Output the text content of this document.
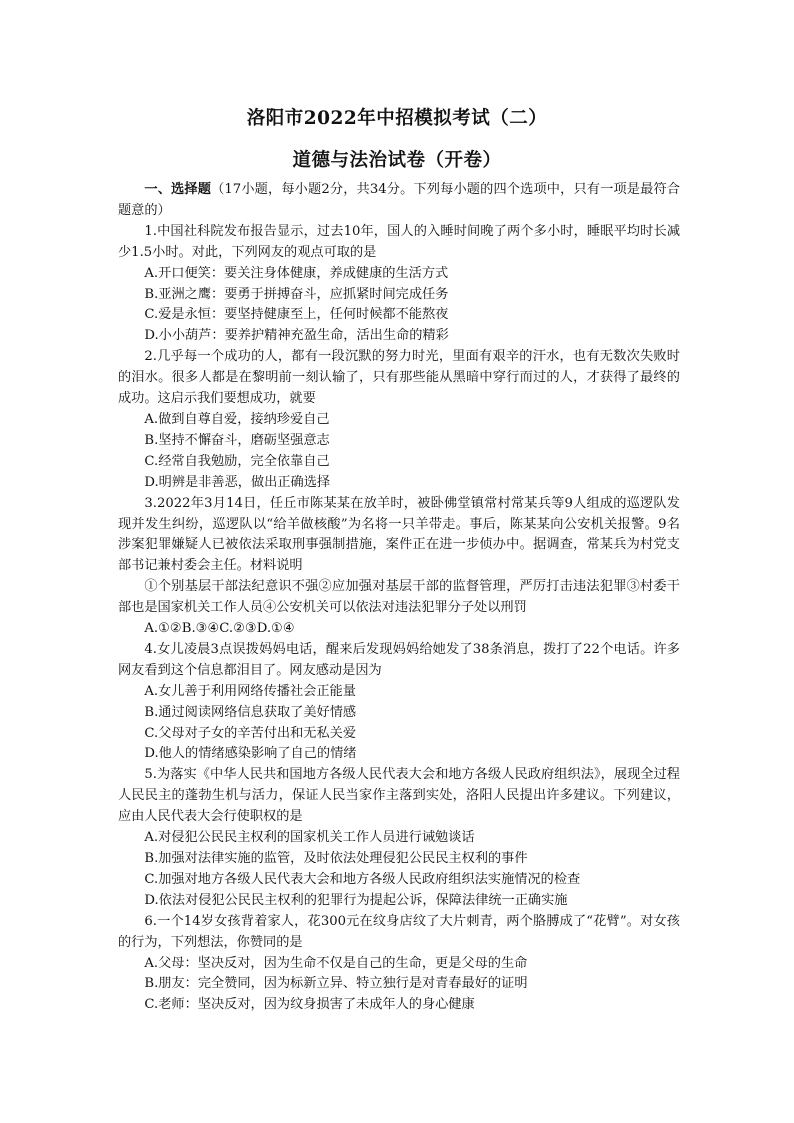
洛阳市2022年中招模拟考试（二）
道德与法治试卷（开卷）

一、选择题（17小题，每小题2分，共34分。下列每小题的四个选项中，只有一项是最符合题意的）

1.中国社科院发布报告显示，过去10年，国人的入睡时间晚了两个多小时，睡眠平均时长减少1.5小时。对此，下列网友的观点可取的是

A.开口便笑：要关注身体健康，养成健康的生活方式

B.亚洲之鹰：要勇于拼搏奋斗，应抓紧时间完成任务

C.爱是永恒：要坚持健康至上，任何时候都不能熬夜

D.小小葫芦：要养护精神充盈生命，活出生命的精彩

2.几乎每一个成功的人，都有一段沉默的努力时光，里面有艰辛的汗水，也有无数次失败时的泪水。很多人都是在黎明前一刻认输了，只有那些能从黑暗中穿行而过的人，才获得了最终的成功。这启示我们要想成功，就要

A.做到自尊自爱，接纳珍爱自己

B.坚持不懈奋斗，磨砺坚强意志

C.经常自我勉励，完全依靠自己

D.明辨是非善恶，做出正确选择

3.2022年3月14日，任丘市陈某某在放羊时，被卧佛堂镇常村常某兵等9人组成的巡逻队发现并发生纠纷，巡逻队以“给羊做核酸”为名将一只羊带走。事后，陈某某向公安机关报警。9名涉案犯罪嫌疑人已被依法采取刑事强制措施，案件正在进一步侦办中。据调查，常某兵为村党支部书记兼村委会主任。材料说明

①个别基层干部法纪意识不强②应加强对基层干部的监督管理，严厉打击违法犯罪③村委干部也是国家机关工作人员④公安机关可以依法对违法犯罪分子处以刑罚

A.①②B.③④C.②③D.①④

4.女儿凌晨3点误拨妈妈电话，醒来后发现妈妈给她发了38条消息，拨打了22个电话。许多网友看到这个信息都泪目了。网友感动是因为

A.女儿善于利用网络传播社会正能量

B.通过阅读网络信息获取了美好情感

C.父母对子女的辛苦付出和无私关爱

D.他人的情绪感染影响了自己的情绪

5.为落实《中华人民共和国地方各级人民代表大会和地方各级人民政府组织法》，展现全过程人民民主的蓬勃生机与活力，保证人民当家作主落到实处，洛阳人民提出许多建议。下列建议，应由人民代表大会行使职权的是

A.对侵犯公民民主权利的国家机关工作人员进行诫勉谈话

B.加强对法律实施的监管，及时依法处理侵犯公民民主权利的事件

C.加强对地方各级人民代表大会和地方各级人民政府组织法实施情况的检查

D.依法对侵犯公民民主权利的犯罪行为提起公诉，保障法律统一正确实施

6.一个14岁女孩背着家人，花300元在纹身店纹了大片刺青，两个胳膊成了“花臂”。对女孩的行为，下列想法，你赞同的是

A.父母：坚决反对，因为生命不仅是自己的生命，更是父母的生命

B.朋友：完全赞同，因为标新立异、特立独行是对青春最好的证明

C.老师：坚决反对，因为纹身损害了未成年人的身心健康
